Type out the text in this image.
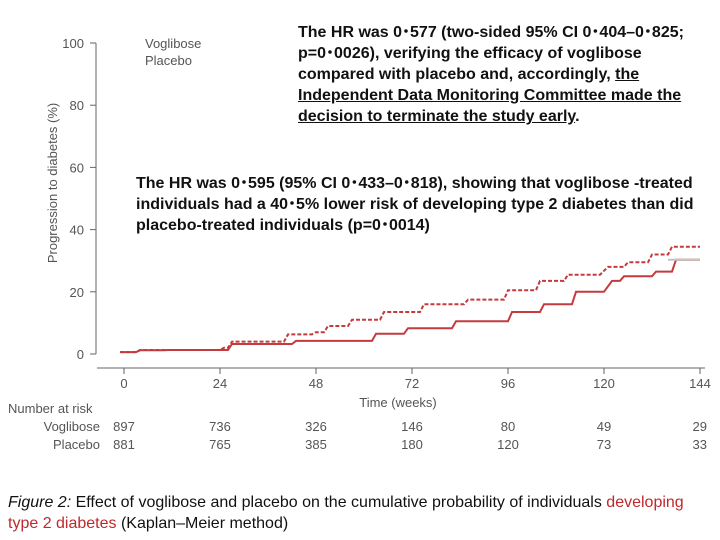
0
20
40
60
80
100
Progression to diabetes (%)
0	24	48	72	96	120	144
Time (weeks)
Voglibose
Placebo
Number at risk
Voglibose 897	736	326	146	80	49	29
Placebo 881	765	385	180	120	73	33
The HR was 0･577 (two-sided 95% CI 0･404–0･825; p=0･0026), verifying the efficacy of voglibose compared with placebo and, accordingly, the Independent Data Monitoring Committee made the decision to terminate the study early.
The HR was 0･595 (95% CI 0･433–0･818), showing that voglibose -treated individuals had a 40･5% lower risk of developing type 2 diabetes than did placebo-treated individuals (p=0･0014)
Figure 2: Effect of voglibose and placebo on the cumulative probability of individuals developing type 2 diabetes (Kaplan–Meier method)
